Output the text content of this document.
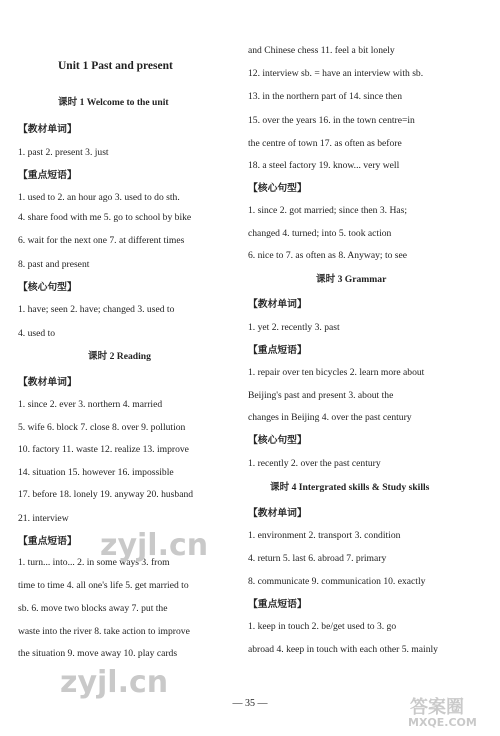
Unit 1 Past and present
课时 1 Welcome to the unit
【教材单词】
1. past 2. present 3. just
【重点短语】
1. used to 2. an hour ago 3. used to do sth.
4. share food with me 5. go to school by bike
6. wait for the next one 7. at different times
8. past and present
【核心句型】
1. have; seen 2. have; changed 3. used to
4. used to
课时 2 Reading
【教材单词】
1. since 2. ever 3. northern 4. married
5. wife 6. block 7. close 8. over 9. pollution
10. factory 11. waste 12. realize 13. improve
14. situation 15. however 16. impossible
17. before 18. lonely 19. anyway 20. husband
21. interview
【重点短语】
1. turn... into... 2. in some ways 3. from
time to time 4. all one's life 5. get married to
sb. 6. move two blocks away 7. put the
waste into the river 8. take action to improve
the situation 9. move away 10. play cards
and Chinese chess 11. feel a bit lonely
12. interview sb. = have an interview with sb.
13. in the northern part of 14. since then
15. over the years 16. in the town centre=in
the centre of town 17. as often as before
18. a steel factory 19. know... very well
【核心句型】
1. since 2. got married; since then 3. Has;
changed 4. turned; into 5. took action
6. nice to 7. as often as 8. Anyway; to see
课时 3 Grammar
【教材单词】
1. yet 2. recently 3. past
【重点短语】
1. repair over ten bicycles 2. learn more about
Beijing's past and present 3. about the
changes in Beijing 4. over the past century
【核心句型】
1. recently 2. over the past century
课时 4 Intergrated skills & Study skills
【教材单词】
1. environment 2. transport 3. condition
4. return 5. last 6. abroad 7. primary
8. communicate 9. communication 10. exactly
【重点短语】
1. keep in touch 2. be/get used to 3. go
abroad 4. keep in touch with each other 5. mainly
— 35 —
zyjl.cn
zyjl.cn
答案圈
MXQE.COM
